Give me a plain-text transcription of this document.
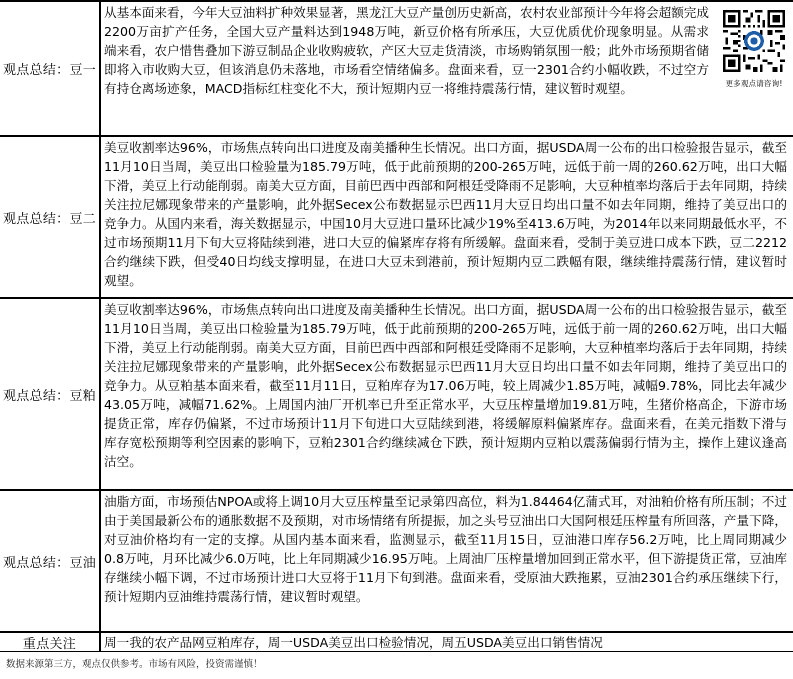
观点总结：豆一
从基本面来看，今年大豆油料扩种效果显著，黑龙江大豆产量创历史新高，农村农业部预计今年将会超额完成2200万亩扩产任务，全国大豆产量料达到1948万吨，新豆价格有所承压，大豆优质优价现象明显。从需求端来看，农户惜售叠加下游豆制品企业收购疲软，产区大豆走货清淡，市场购销氛围一般；此外市场预期省储即将入市收购大豆，但该消息仍未落地，市场看空情绪偏多。盘面来看，豆一2301合约小幅收跌，不过空方有持仓离场迹象，MACD指标红柱变化不大，预计短期内豆一将维持震荡行情，建议暂时观望。	更多观点请咨询!
观点总结：豆二
美豆收割率达96%，市场焦点转向出口进度及南美播种生长情况。出口方面，据USDA周一公布的出口检验报告显示，截至11月10日当周，美豆出口检验量为185.79万吨，低于此前预期的200-265万吨，远低于前一周的260.62万吨，出口大幅下滑，美豆上行动能削弱。南美大豆方面，目前巴西中西部和阿根廷受降雨不足影响，大豆种植率均落后于去年同期，持续关注拉尼娜现象带来的产量影响，此外据Secex公布数据显示巴西11月大豆日均出口量不如去年同期，维持了美豆出口的竞争力。从国内来看，海关数据显示，中国10月大豆进口量环比减少19%至413.6万吨，为2014年以来同期最低水平，不过市场预期11月下旬大豆将陆续到港，进口大豆的偏紧库存将有所缓解。盘面来看，受制于美豆进口成本下跌，豆二2212合约继续下跌，但受40日均线支撑明显，在进口大豆未到港前，预计短期内豆二跌幅有限，继续维持震荡行情，建议暂时观望。
观点总结：豆粕
美豆收割率达96%，市场焦点转向出口进度及南美播种生长情况。出口方面，据USDA周一公布的出口检验报告显示，截至11月10日当周，美豆出口检验量为185.79万吨，低于此前预期的200-265万吨，远低于前一周的260.62万吨，出口大幅下滑，美豆上行动能削弱。南美大豆方面，目前巴西中西部和阿根廷受降雨不足影响，大豆种植率均落后于去年同期，持续关注拉尼娜现象带来的产量影响，此外据Secex公布数据显示巴西11月大豆日均出口量不如去年同期，维持了美豆出口的竞争力。从豆粕基本面来看，截至11月11日，豆粕库存为17.06万吨，较上周减少1.85万吨，减幅9.78%，同比去年减少43.05万吨，减幅71.62%。上周国内油厂开机率已升至正常水平，大豆压榨量增加19.81万吨，生猪价格高企，下游市场提货正常，库存仍偏紧，不过市场预计11月下旬进口大豆陆续到港，将缓解原料偏紧库存。盘面来看，在美元指数下滑与库存宽松预期等利空因素的影响下，豆粕2301合约继续减仓下跌，预计短期内豆粕以震荡偏弱行情为主，操作上建议逢高沽空。
观点总结：豆油
油脂方面，市场预估NPOA或将上调10月大豆压榨量至记录第四高位，料为1.84464亿蒲式耳，对油粕价格有所压制；不过由于美国最新公布的通胀数据不及预期，对市场情绪有所提振，加之头号豆油出口大国阿根廷压榨量有所回落，产量下降，对豆油价格均有一定的支撑。从国内基本面来看，监测显示，截至11月15日，豆油港口库存56.2万吨，比上周同期减少0.8万吨，月环比减少6.0万吨，比上年同期减少16.95万吨。上周油厂压榨量增加回到正常水平，但下游提货正常，豆油库存继续小幅下调，不过市场预计进口大豆将于11月下旬到港。盘面来看，受原油大跌拖累，豆油2301合约承压继续下行，预计短期内豆油维持震荡行情，建议暂时观望。
重点关注	周一我的农产品网豆粕库存，周一USDA美豆出口检验情况，周五USDA美豆出口销售情况
数据来源第三方，观点仅供参考。市场有风险，投资需谨慎！
